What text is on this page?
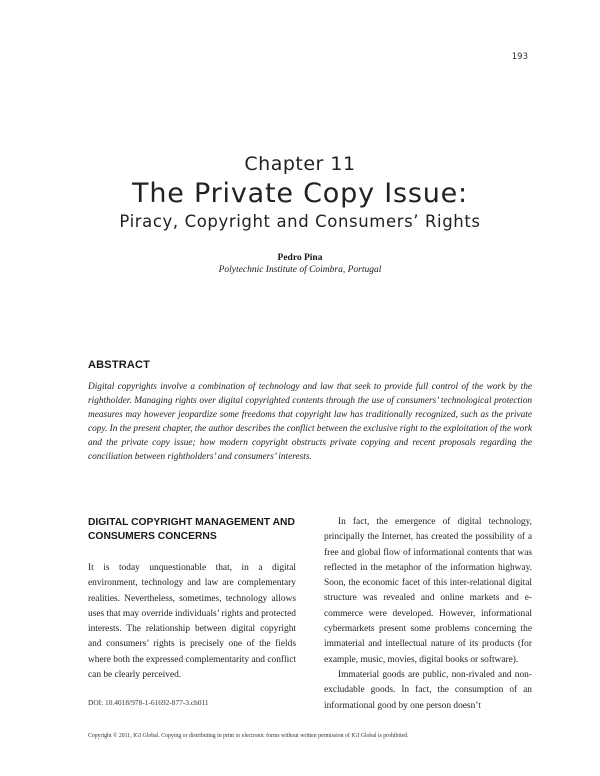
193
Chapter 11
The Private Copy Issue:
Piracy, Copyright and Consumers’ Rights
Pedro Pina
Polytechnic Institute of Coimbra, Portugal
ABSTRACT
Digital copyrights involve a combination of technology and law that seek to provide full control of the work by the rightholder. Managing rights over digital copyrighted contents through the use of consumers’ technological protection measures may however jeopardize some freedoms that copyright law has traditionally recognized, such as the private copy. In the present chapter, the author describes the conflict between the exclusive right to the exploitation of the work and the private copy issue; how modern copyright obstructs private copying and recent proposals regarding the conciliation between rightholders’ and consumers’ interests.
DIGITAL COPYRIGHT MANAGEMENT AND CONSUMERS CONCERNS

It is today unquestionable that, in a digital environment, technology and law are complementary realities. Nevertheless, sometimes, technology allows uses that may override individuals’ rights and protected interests. The relationship between digital copyright and consumers’ rights is precisely one of the fields where both the expressed complementarity and conflict can be clearly perceived.

In fact, the emergence of digital technology, principally the Internet, has created the possibility of a free and global flow of informational contents that was reflected in the metaphor of the information highway. Soon, the economic facet of this inter-relational digital structure was revealed and online markets and e-commerce were developed. However, informational cybermarkets present some problems concerning the immaterial and intellectual nature of its products (for example, music, movies, digital books or software).

Immaterial goods are public, non-rivaled and non-excludable goods. In fact, the consumption of an informational good by one person doesn’t

DOI: 10.4018/978-1-61692-877-3.ch011
Copyright © 2011, IGI Global. Copying or distributing in print or electronic forms without written permission of IGI Global is prohibited.
